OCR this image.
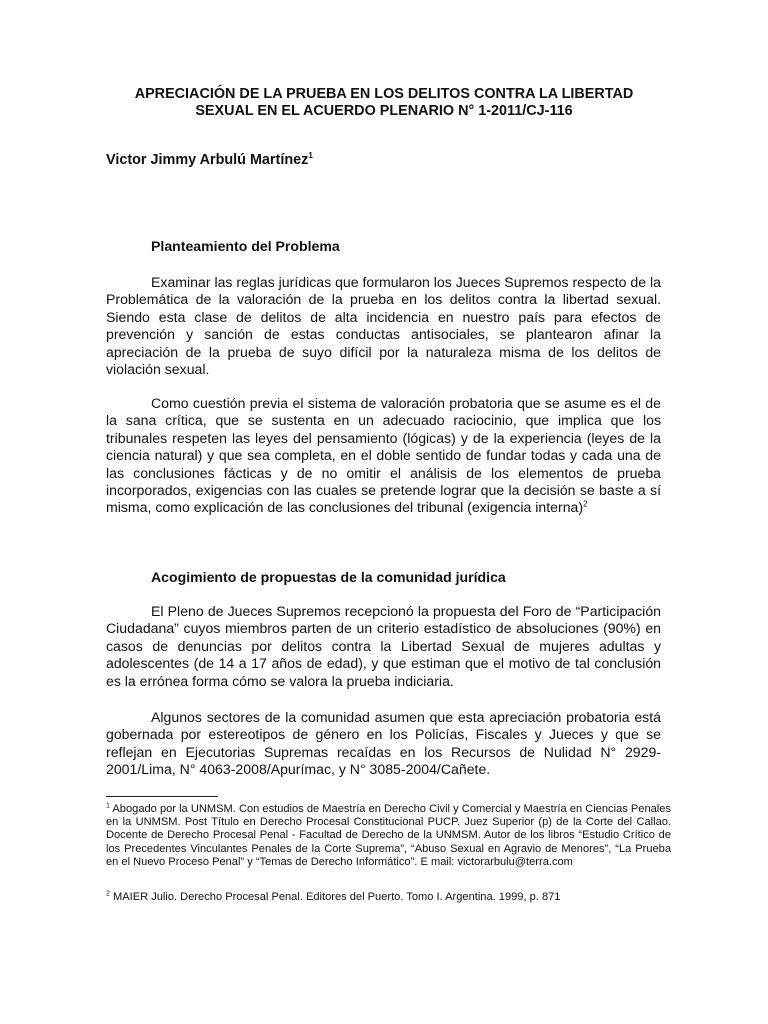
APRECIACIÓN DE LA PRUEBA EN LOS DELITOS CONTRA LA LIBERTAD
SEXUAL EN EL ACUERDO PLENARIO N° 1-2011/CJ-116
Victor Jimmy Arbulú Martínez$^1$
Planteamiento del Problema
Examinar las reglas jurídicas que formularon los Jueces Supremos respecto de la Problemática de la valoración de la prueba en los delitos contra la libertad sexual. Siendo esta clase de delitos de alta incidencia en nuestro país para efectos de prevención y sanción de estas conductas antisociales, se plantearon afinar la apreciación de la prueba de suyo difícil por la naturaleza misma de los delitos de violación sexual.
Como cuestión previa el sistema de valoración probatoria que se asume es el de la sana crítica, que se sustenta en un adecuado raciocinio, que implica que los tribunales respeten las leyes del pensamiento (lógicas) y de la experiencia (leyes de la ciencia natural) y que sea completa, en el doble sentido de fundar todas y cada una de las conclusiones fácticas y de no omitir el análisis de los elementos de prueba incorporados, exigencias con las cuales se pretende lograr que la decisión se baste a sí misma, como explicación de las conclusiones del tribunal (exigencia interna)$^2$
Acogimiento de propuestas de la comunidad jurídica
El Pleno de Jueces Supremos recepcionó la propuesta del Foro de “Participación Ciudadana” cuyos miembros parten de un criterio estadístico de absoluciones (90%) en casos de denuncias por delitos contra la Libertad Sexual de mujeres adultas y adolescentes (de 14 a 17 años de edad), y que estiman que el motivo de tal conclusión es la errónea forma cómo se valora la prueba indiciaria.
Algunos sectores de la comunidad asumen que esta apreciación probatoria está gobernada por estereotipos de género en los Policías, Fiscales y Jueces y que se reflejan en Ejecutorias Supremas recaídas en los Recursos de Nulidad N° 2929-2001/Lima, N° 4063-2008/Apurímac, y N° 3085-2004/Cañete.
$^1$ Abogado por la UNMSM. Con estudios de Maestría en Derecho Civil y Comercial y Maestría en Ciencias Penales en la UNMSM. Post Título en Derecho Procesal Constitucional PUCP. Juez Superior (p) de la Corte del Callao. Docente de Derecho Procesal Penal - Facultad de Derecho de la UNMSM. Autor de los libros “Estudio Crítico de los Precedentes Vinculantes Penales de la Corte Suprema”, “Abuso Sexual en Agravio de Menores”, “La Prueba en el Nuevo Proceso Penal” y “Temas de Derecho Informático”. E mail: victorarbulu@terra.com
$^2$ MAIER Julio. Derecho Procesal Penal. Editores del Puerto. Tomo I. Argentina. 1999, p. 871
